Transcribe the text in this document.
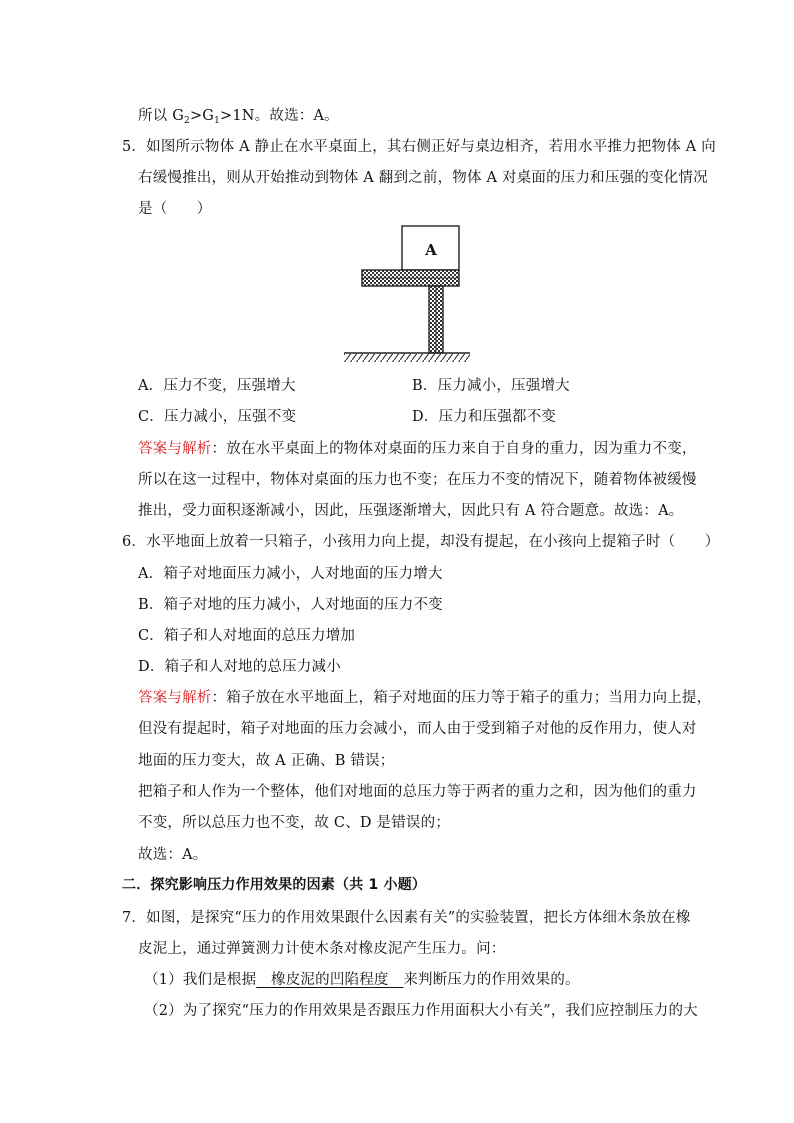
所以 $G_2>G_1>1N$。故选：A。
5．如图所示物体 A 静止在水平桌面上，其右侧正好与桌边相齐，若用水平推力把物体 A 向
右缓慢推出，则从开始推动到物体 A 翻到之前，物体 A 对桌面的压力和压强的变化情况
是（　　）
A
A．压力不变，压强增大	B．压力减小，压强增大
C．压力减小，压强不变	D．压力和压强都不变
答案与解析：放在水平桌面上的物体对桌面的压力来自于自身的重力，因为重力不变，
所以在这一过程中，物体对桌面的压力也不变；在压力不变的情况下，随着物体被缓慢
推出，受力面积逐渐减小，因此，压强逐渐增大，因此只有 A 符合题意。故选：A。
6．水平地面上放着一只箱子，小孩用力向上提，却没有提起，在小孩向上提箱子时（　　）
A．箱子对地面压力减小，人对地面的压力增大
B．箱子对地的压力减小，人对地面的压力不变
C．箱子和人对地面的总压力增加
D．箱子和人对地的总压力减小
答案与解析：箱子放在水平地面上，箱子对地面的压力等于箱子的重力；当用力向上提，
但没有提起时，箱子对地面的压力会减小，而人由于受到箱子对他的反作用力，使人对
地面的压力变大，故 A 正确、B 错误；
把箱子和人作为一个整体，他们对地面的总压力等于两者的重力之和，因为他们的重力
不变，所以总压力也不变，故 C、D 是错误的；
故选：A。
二．探究影响压力作用效果的因素（共 1 小题）
7．如图，是探究“压力的作用效果跟什么因素有关”的实验装置，把长方体细木条放在橡
皮泥上，通过弹簧测力计使木条对橡皮泥产生压力。问：
（1）我们是根据　橡皮泥的凹陷程度　来判断压力的作用效果的。
（2）为了探究“压力的作用效果是否跟压力作用面积大小有关”，我们应控制压力的大
